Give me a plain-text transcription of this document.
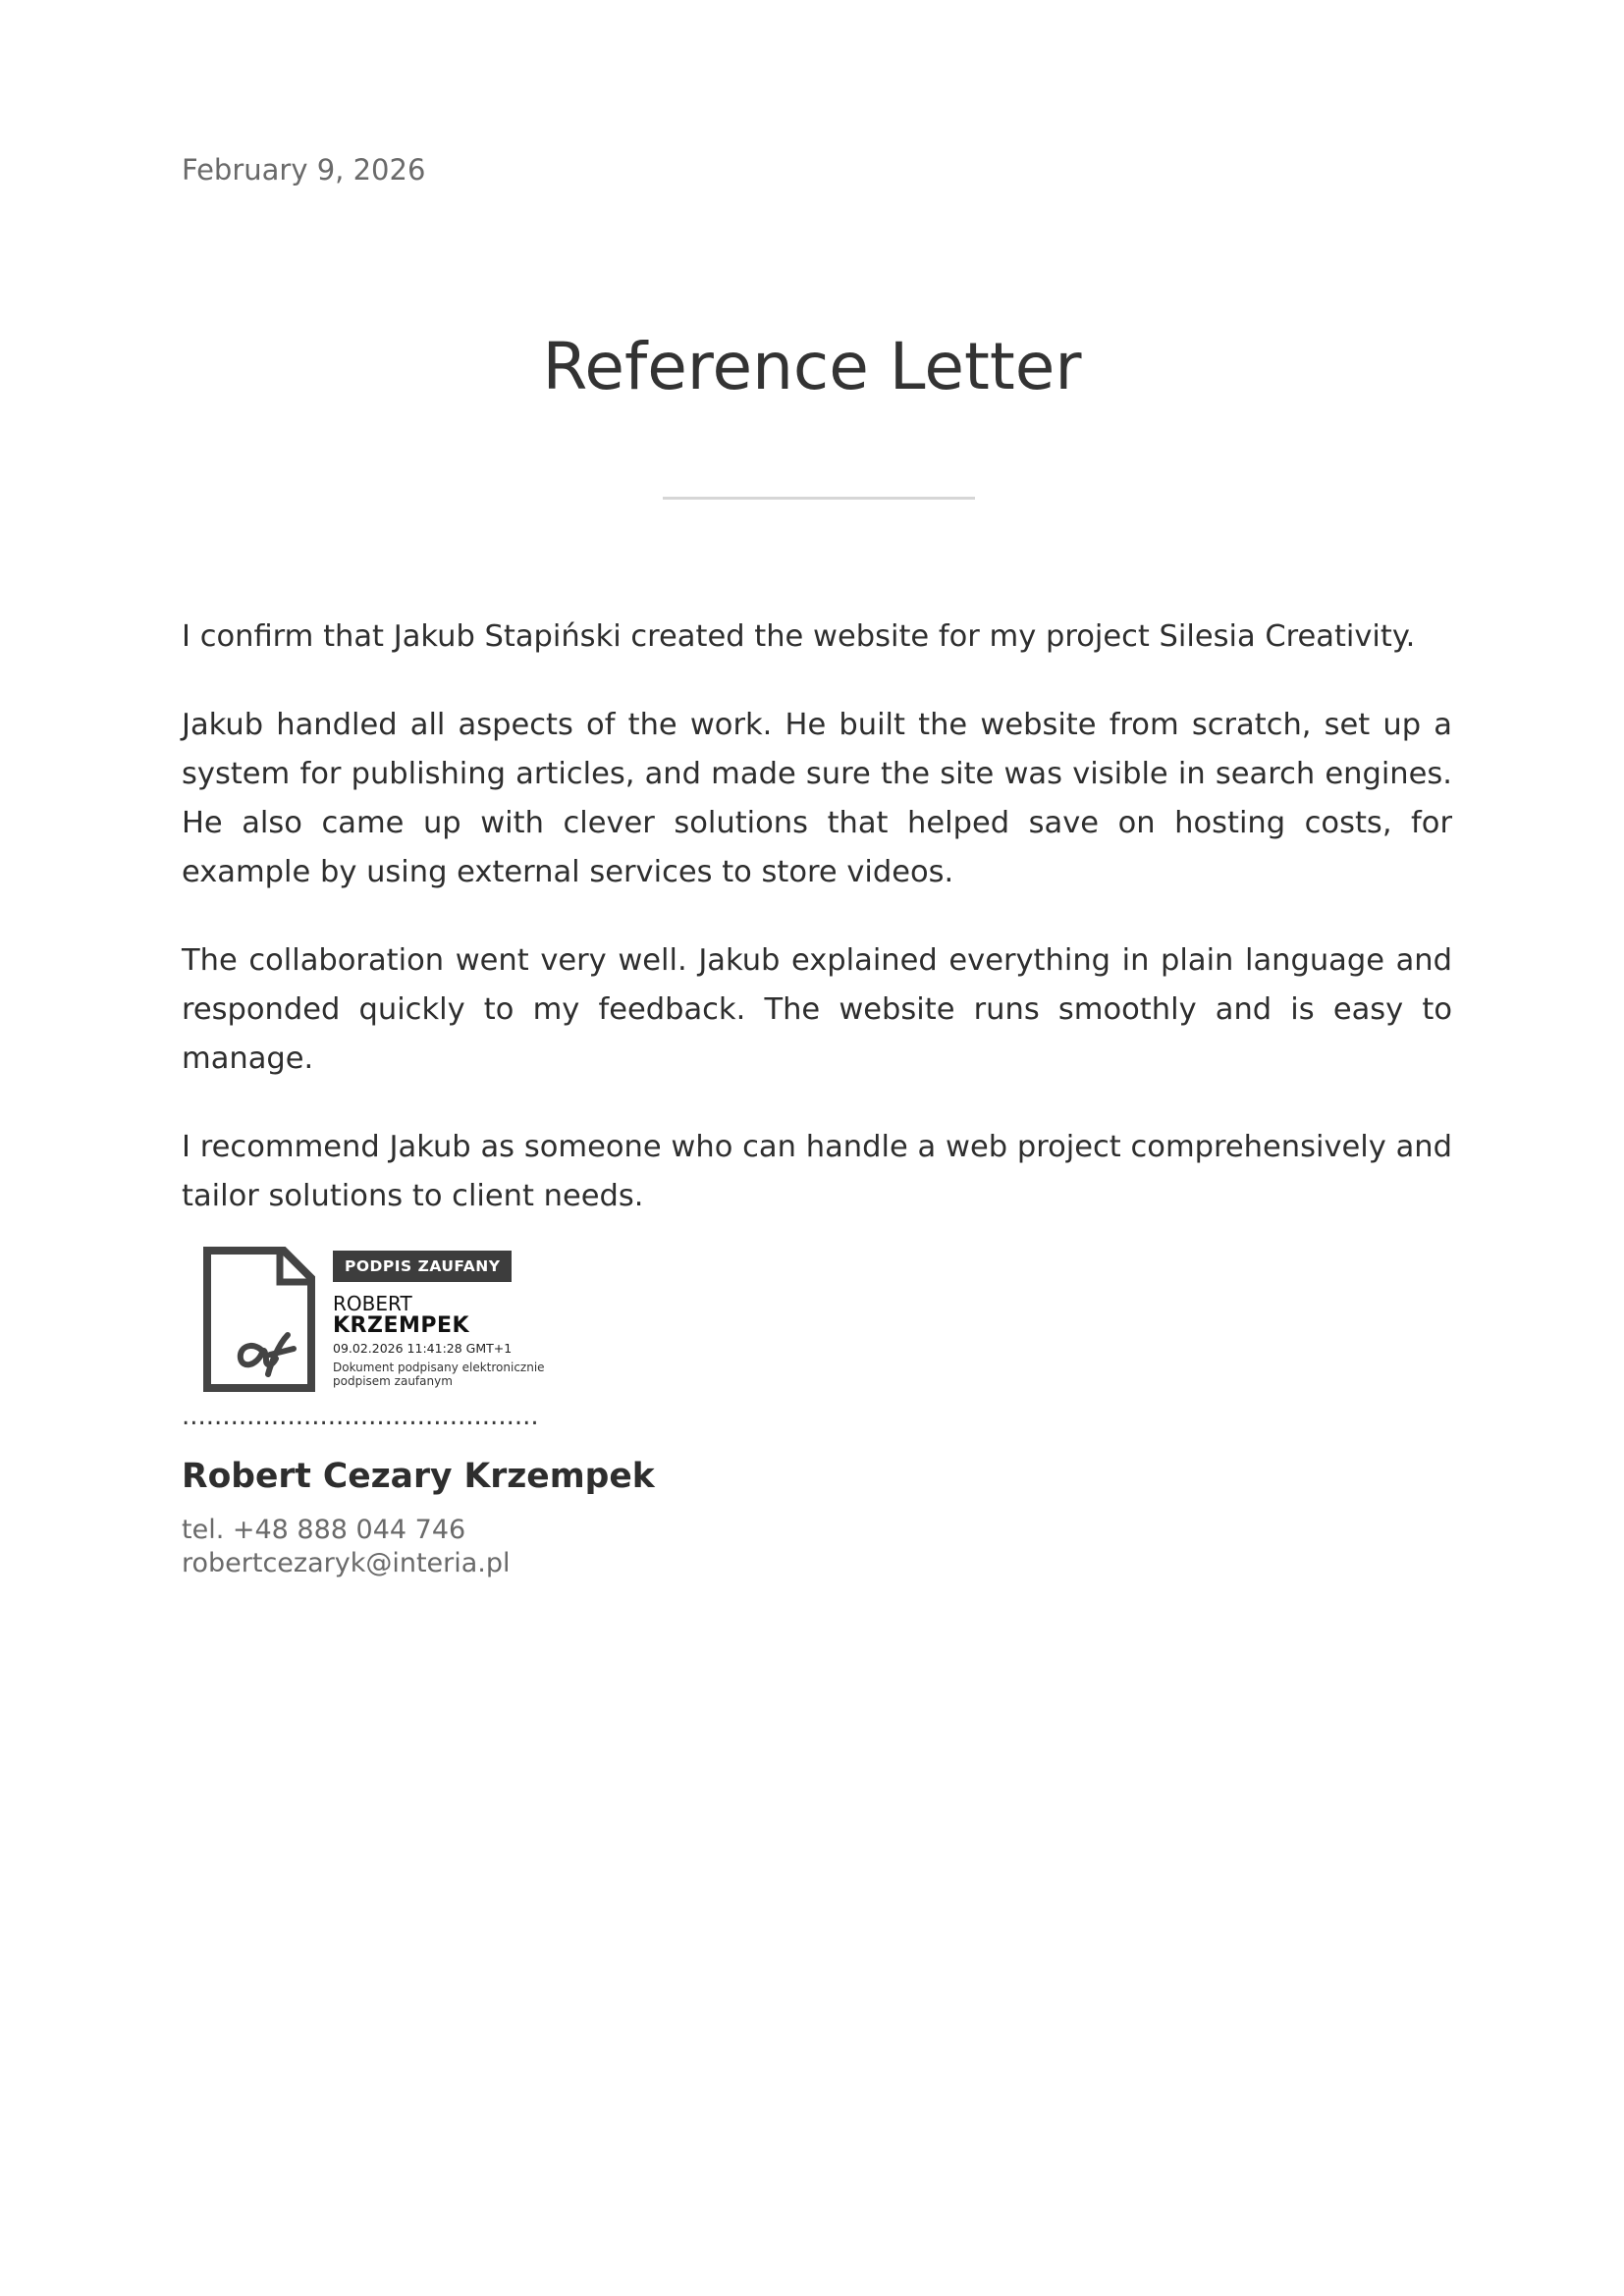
February 9, 2026
Reference Letter

I confirm that Jakub Stapiński created the website for my project Silesia Creativity.

Jakub handled all aspects of the work. He built the website from scratch, set up a system for publishing articles, and made sure the site was visible in search engines. He also came up with clever solutions that helped save on hosting costs, for example by using external services to store videos.

The collaboration went very well. Jakub explained everything in plain language and responded quickly to my feedback. The website runs smoothly and is easy to manage.

I recommend Jakub as someone who can handle a web project comprehensively and tailor solutions to client needs.

PODPIS ZAUFANY
ROBERT
KRZEMPEK
09.02.2026 11:41:28 GMT+1
Dokument podpisany elektronicznie podpisem zaufanym
............................................
Robert Cezary Krzempek
tel. +48 888 044 746
robertcezaryk@interia.pl
